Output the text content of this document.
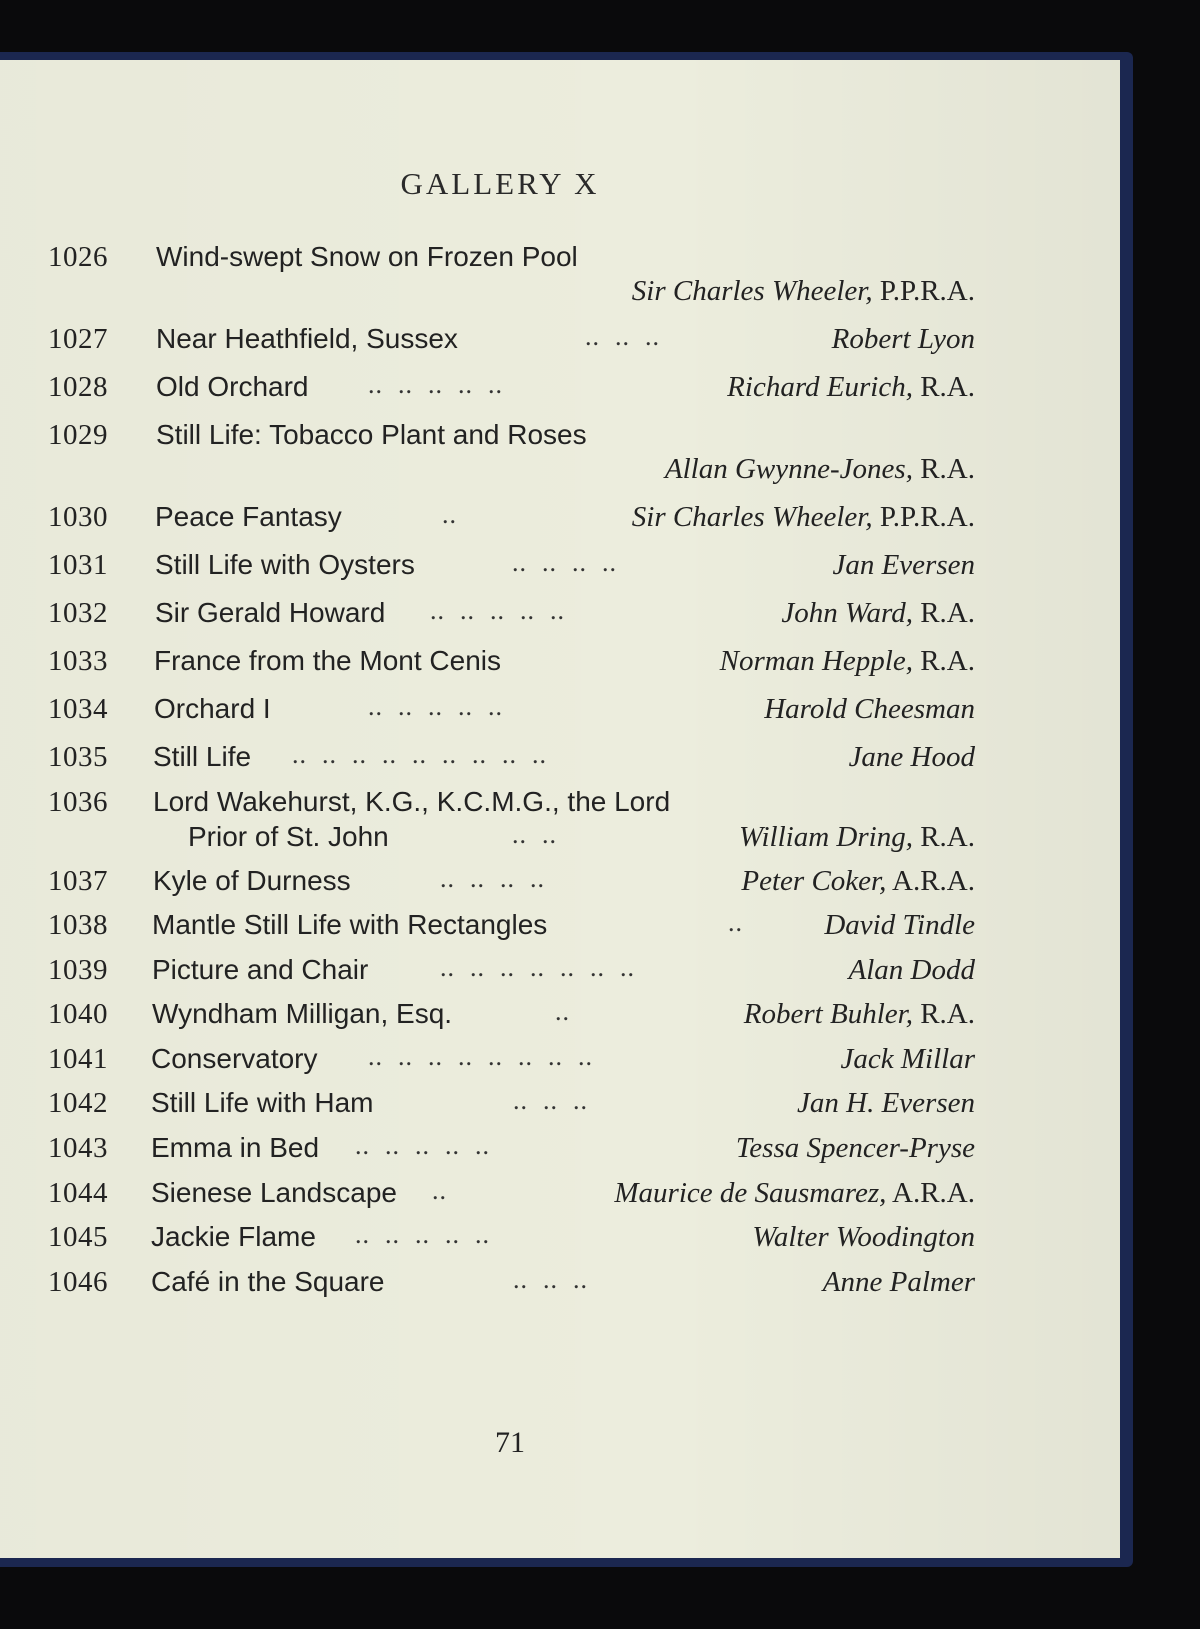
GALLERY X
1026 Wind-swept Snow on Frozen Pool
Sir Charles Wheeler, P.P.R.A.
1027 Near Heathfield, Sussex	..  ..  ..	Robert Lyon
1028 Old Orchard ..  ..  ..  ..  ..	Richard Eurich, R.A.
1029 Still Life: Tobacco Plant and Roses
Allan Gwynne-Jones, R.A.
1030 Peace Fantasy	..	Sir Charles Wheeler, P.P.R.A.
1031 Still Life with Oysters	..  ..  ..  ..	Jan Eversen
1032 Sir Gerald Howard ..  ..  ..  ..  ..	John Ward, R.A.
1033 France from the Mont Cenis	Norman Hepple, R.A.
1034 Orchard I	..  ..  ..  ..  ..	Harold Cheesman
1035 Still Life ..  ..  ..  ..  ..  ..  ..  ..  ..	Jane Hood
1036 Lord Wakehurst, K.G., K.C.M.G., the Lord
Prior of St. John	..  ..	William Dring, R.A.
1037 Kyle of Durness	..  ..  ..  ..	Peter Coker, A.R.A.
1038 Mantle Still Life with Rectangles	..	David Tindle
1039 Picture and Chair	..  ..  ..  ..  ..  ..  ..	Alan Dodd
1040 Wyndham Milligan, Esq.	..	Robert Buhler, R.A.
1041 Conservatory ..  ..  ..  ..  ..  ..  ..  ..	Jack Millar
1042 Still Life with Ham	..  ..  ..	Jan H. Eversen
1043 Emma in Bed ..  ..  ..  ..  ..	Tessa Spencer-Pryse
1044 Sienese Landscape ..	Maurice de Sausmarez, A.R.A.
1045 Jackie Flame ..  ..  ..  ..  ..	Walter Woodington
1046 Café in the Square	..  ..  ..	Anne Palmer
71
